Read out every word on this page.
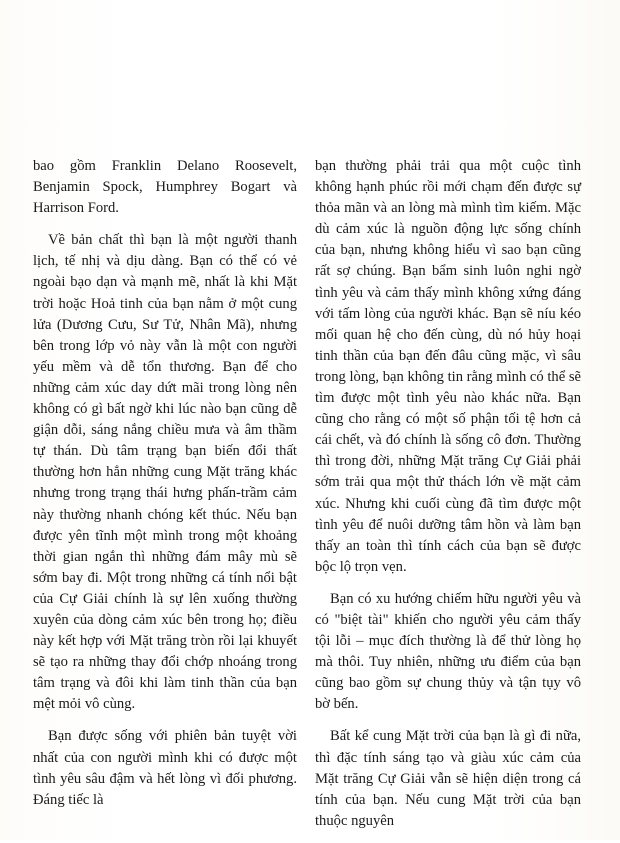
bao gồm Franklin Delano Roosevelt, Benjamin Spock, Humphrey Bogart và Harrison Ford.

Về bản chất thì bạn là một người thanh lịch, tế nhị và dịu dàng. Bạn có thể có vẻ ngoài bạo dạn và mạnh mẽ, nhất là khi Mặt trời hoặc Hoả tinh của bạn nằm ở một cung lửa (Dương Cưu, Sư Tử, Nhân Mã), nhưng bên trong lớp vỏ này vẫn là một con người yếu mềm và dễ tổn thương. Bạn để cho những cảm xúc day dứt mãi trong lòng nên không có gì bất ngờ khi lúc nào bạn cũng dễ giận dỗi, sáng nắng chiều mưa và âm thầm tự thán. Dù tâm trạng bạn biến đổi thất thường hơn hẳn những cung Mặt trăng khác nhưng trong trạng thái hưng phấn-trầm cảm này thường nhanh chóng kết thúc. Nếu bạn được yên tĩnh một mình trong một khoảng thời gian ngắn thì những đám mây mù sẽ sớm bay đi. Một trong những cá tính nổi bật của Cự Giải chính là sự lên xuống thường xuyên của dòng cảm xúc bên trong họ; điều này kết hợp với Mặt trăng tròn rồi lại khuyết sẽ tạo ra những thay đổi chớp nhoáng trong tâm trạng và đôi khi làm tinh thần của bạn mệt mỏi vô cùng.

Bạn được sống với phiên bản tuyệt vời nhất của con người mình khi có được một tình yêu sâu đậm và hết lòng vì đối phương. Đáng tiếc là

bạn thường phải trải qua một cuộc tình không hạnh phúc rồi mới chạm đến được sự thỏa mãn và an lòng mà mình tìm kiếm. Mặc dù cảm xúc là nguồn động lực sống chính của bạn, nhưng không hiểu vì sao bạn cũng rất sợ chúng. Bạn bẩm sinh luôn nghi ngờ tình yêu và cảm thấy mình không xứng đáng với tấm lòng của người khác. Bạn sẽ níu kéo mối quan hệ cho đến cùng, dù nó hủy hoại tinh thần của bạn đến đâu cũng mặc, vì sâu trong lòng, bạn không tin rằng mình có thể sẽ tìm được một tình yêu nào khác nữa. Bạn cũng cho rằng có một số phận tối tệ hơn cả cái chết, và đó chính là sống cô đơn. Thường thì trong đời, những Mặt trăng Cự Giải phải sớm trải qua một thử thách lớn về mặt cảm xúc. Nhưng khi cuối cùng đã tìm được một tình yêu để nuôi dưỡng tâm hồn và làm bạn thấy an toàn thì tính cách của bạn sẽ được bộc lộ trọn vẹn.

Bạn có xu hướng chiếm hữu người yêu và có "biệt tài" khiến cho người yêu cảm thấy tội lỗi – mục đích thường là để thử lòng họ mà thôi. Tuy nhiên, những ưu điểm của bạn cũng bao gồm sự chung thủy và tận tụy vô bờ bến.

Bất kể cung Mặt trời của bạn là gì đi nữa, thì đặc tính sáng tạo và giàu xúc cảm của Mặt trăng Cự Giải vẫn sẽ hiện diện trong cá tính của bạn. Nếu cung Mặt trời của bạn thuộc nguyên
